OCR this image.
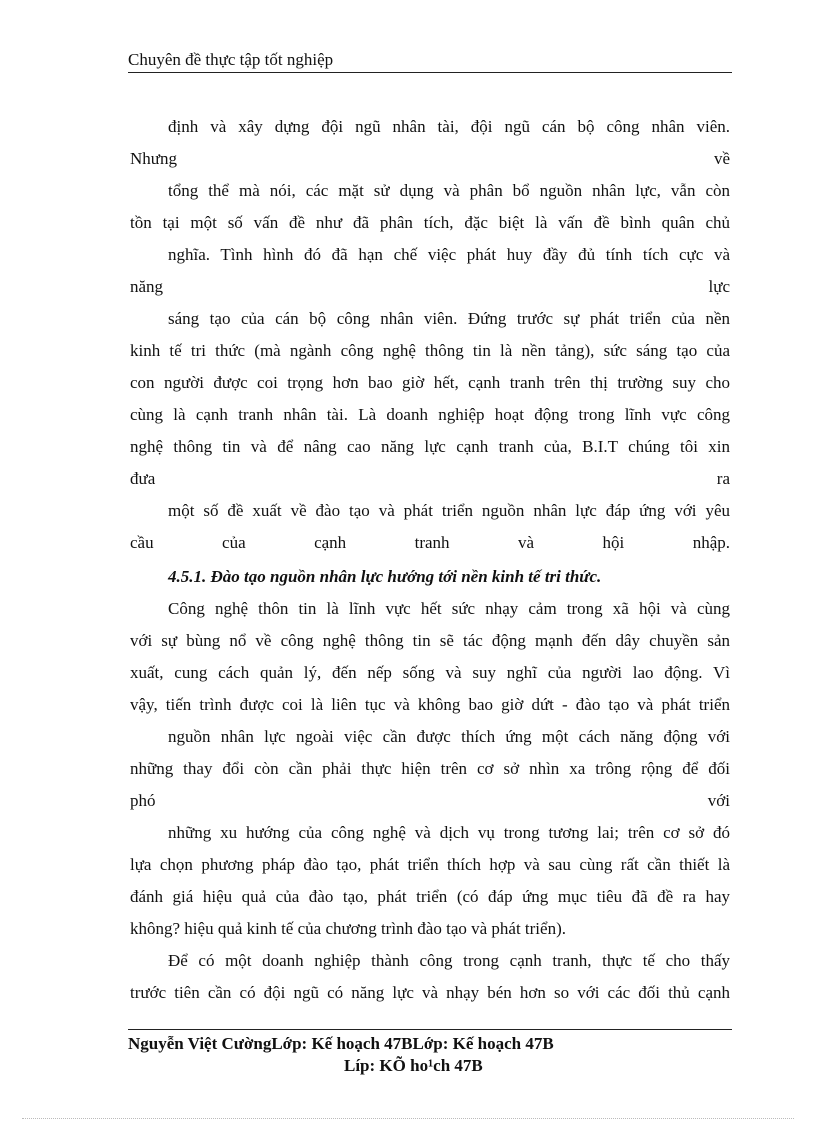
Chuyên đề thực tập tốt nghiệp
định và xây dựng đội ngũ nhân tài, đội ngũ cán bộ công nhân viên.
Nhưng về
tổng thể mà nói, các mặt sử dụng và phân bổ nguồn nhân lực, vẫn còn
tồn tại một số vấn đề như đã phân tích, đặc biệt là vấn đề bình quân chủ
nghĩa. Tình hình đó đã hạn chế việc phát huy đầy đủ tính tích cực và
năng lực
sáng tạo của cán bộ công nhân viên. Đứng trước sự phát triển của nền
kinh tế tri thức (mà ngành công nghệ thông tin là nền tảng), sức sáng tạo của
con người được coi trọng hơn bao giờ hết, cạnh tranh trên thị trường suy cho
cùng là cạnh tranh nhân tài. Là doanh nghiệp hoạt động trong lĩnh vực công
nghệ thông tin và để nâng cao năng lực cạnh tranh của, B.I.T chúng tôi xin
đưa ra
một số đề xuất về đào tạo và phát triển nguồn nhân lực đáp ứng với yêu
cầu của cạnh tranh và hội nhập.
4.5.1. Đào tạo nguồn nhân lực hướng tới nền kinh tế tri thức.
Công nghệ thôn tin là lĩnh vực hết sức nhạy cảm trong xã hội và cùng
với sự bùng nổ về công nghệ thông tin sẽ tác động mạnh đến dây chuyền sản
xuất, cung cách quản lý, đến nếp sống và suy nghĩ của người lao động. Vì
vậy, tiến trình được coi là liên tục và không bao giờ dứt - đào tạo và phát triển
nguồn nhân lực ngoài việc cần được thích ứng một cách năng động với
những thay đổi còn cần phải thực hiện trên cơ sở nhìn xa trông rộng để đối
phó với
những xu hướng của công nghệ và dịch vụ trong tương lai; trên cơ sở đó
lựa chọn phương pháp đào tạo, phát triển thích hợp và sau cùng rất cần thiết là
đánh giá hiệu quả của đào tạo, phát triển (có đáp ứng mục tiêu đã đề ra hay
không? hiệu quả kinh tế của chương trình đào tạo và phát triển).
Để có một doanh nghiệp thành công trong cạnh tranh, thực tế cho thấy
trước tiên cần có đội ngũ có năng lực và nhạy bén hơn so với các đối thủ cạnh
Nguyễn Việt CườngLớp: Kế hoạch 47BLớp: Kế hoạch 47B
Líp: KÕ ho¹ch 47B
